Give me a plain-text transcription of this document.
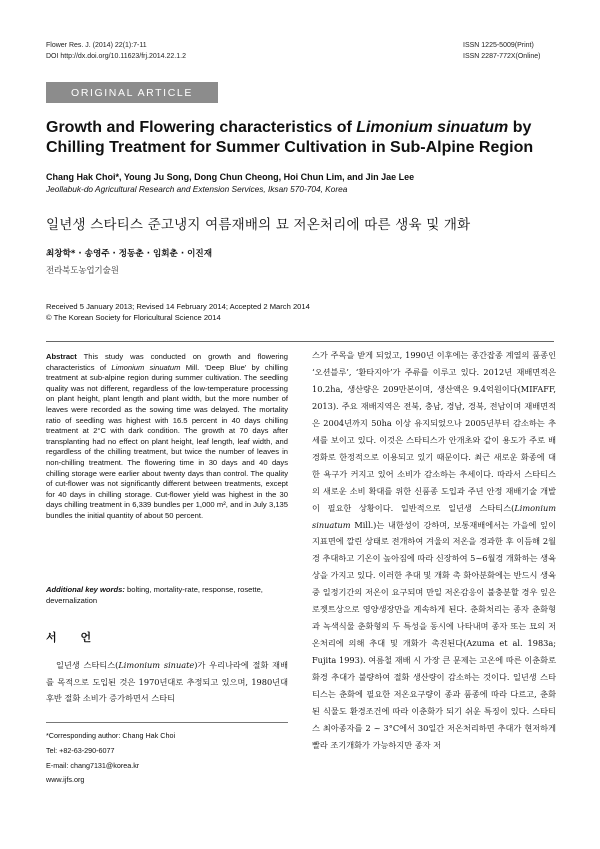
Flower Res. J. (2014) 22(1):7-11
DOI http://dx.doi.org/10.11623/frj.2014.22.1.2
ISSN 1225-5009(Print)
ISSN 2287-772X(Online)
ORIGINAL ARTICLE
Growth and Flowering characteristics of Limonium sinuatum by Chilling Treatment for Summer Cultivation in Sub-Alpine Region
Chang Hak Choi*, Young Ju Song, Dong Chun Cheong, Hoi Chun Lim, and Jin Jae Lee
Jeollabuk-do Agricultural Research and Extension Services, Iksan 570-704, Korea
일년생 스타티스 준고냉지 여름재배의 묘 저온처리에 따른 생육 및 개화
최창학* · 송영주 · 정동춘 · 임회춘 · 이진재
전라북도농업기술원
Received 5 January 2013; Revised 14 February 2014; Accepted 2 March 2014
© The Korean Society for Floricultural Science 2014
Abstract This study was conducted on growth and flowering characteristics of Limonium sinuatum Mill. ‘Deep Blue’ by chilling treatment at sub-alpine region during summer cultivation. The seedling quality was not different, regardless of the low-temperature processing on plant height, plant length and plant width, but the more number of leaves were recorded as the sowing time was delayed. The mortality ratio of seedling was highest with 16.5 percent in 40 days chilling treatment at 2°C with dark condition. The growth at 70 days after transplanting had no effect on plant height, leaf length, leaf width, and regardless of the chilling treatment, but twice the number of leaves in non-chilling treatment. The flowering time in 30 days and 40 days chilling storage were earlier about twenty days than control. The quality of cut-flower was not significantly different between treatments, except for 40 days in chilling storage. Cut-flower yield was highest in the 30 days chilling treatment in 6,339 bundles per 1,000 m², and in July 3,135 bundles the initial quantity of about 50 percent.
Additional key words: bolting, mortality-rate, response, rosette, devernalization
서 언
일년생 스타티스(Limonium sinuate)가 우리나라에 절화 재배를 목적으로 도입된 것은 1970년대로 추정되고 있으며, 1980년대 후반 절화 소비가 증가하면서 스타티
*Corresponding author: Chang Hak Choi
Tel: +82-63-290-6077
E-mail: chang7131@korea.kr
www.ijfs.org
스가 주목을 받게 되었고, 1990년 이후에는 종간잡종 계열의 품종인 ‘오션블루’, ‘환타지아’가 주류를 이루고 있다. 2012년 재배면적은 10.2ha, 생산량은 209만본이며, 생산액은 9.4억원이다(MIFAFF, 2013). 주요 재배지역은 전북, 충남, 경남, 경북, 전남이며 재배면적은 2004년까지 50ha 이상 유지되었으나 2005년부터 감소하는 추세를 보이고 있다. 이것은 스타티스가 안개초와 같이 용도가 주로 배경화로 한정적으로 이용되고 있기 때문이다. 최근 새로운 화종에 대한 욕구가 커지고 있어 소비가 감소하는 추세이다. 따라서 스타티스의 새로운 소비 확대를 위한 신품종 도입과 주년 안정 재배기술 개발이 필요한 상황이다. 일반적으로 일년생 스타티스(Limonium sinuatum Mill.)는 내한성이 강하며, 보통재배에서는 가을에 잎이 지표면에 깔린 상태로 전개하여 겨울의 저온을 경과한 후 이듬해 2월경 추대하고 기온이 높아짐에 따라 신장하여 5~6월경 개화하는 생육상을 가지고 있다. 이러한 추대 및 개화 촉 화아분화에는 반드시 생육 중 일정기간의 저온이 요구되며 만일 저온감응이 불충분할 경우 잎은 로젯트상으로 영양생장만을 계속하게 된다. 춘화처리는 종자 춘화형과 녹색식물 춘화형의 두 특성을 동시에 나타내며 종자 또는 묘의 저온처리에 의해 추대 및 개화가 촉진된다(Azuma et al. 1983a; Fujita 1993). 여름철 재배 시 가장 큰 문제는 고온에 따른 이춘화로 화경 추대가 불량하여 절화 생산량이 감소하는 것이다. 일년생 스타티스는 춘화에 필요한 저온요구량이 종과 품종에 따라 다르고, 춘화된 식물도 환경조건에 따라 이춘화가 되기 쉬운 특징이 있다. 스타티스 최아종자를 2 ~ 3°C에서 30일간 저온처리하면 추대가 현저하게 빨라 조기개화가 가능하지만 종자 저
